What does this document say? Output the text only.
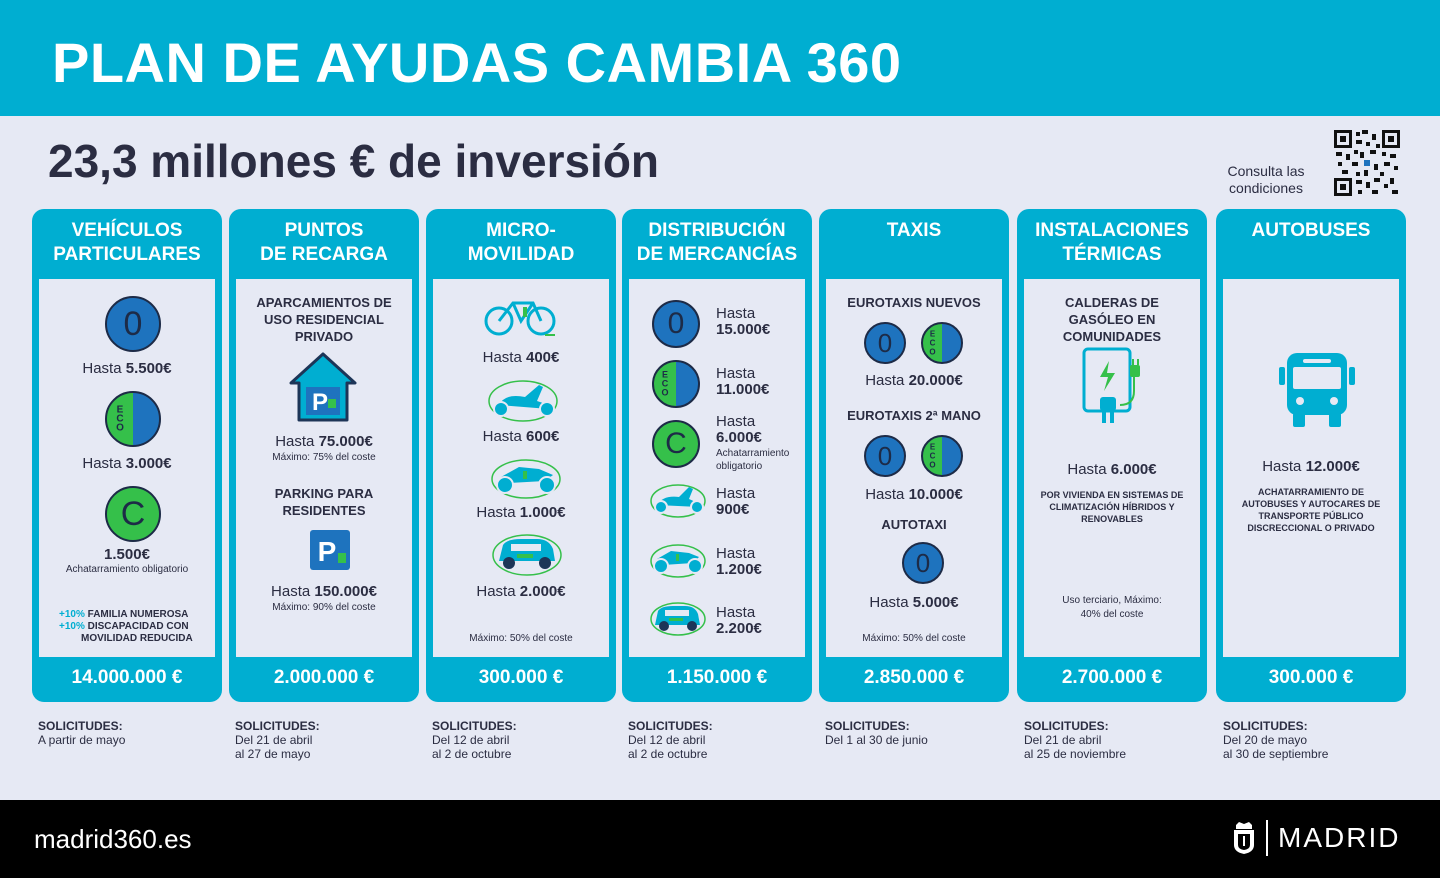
PLAN DE AYUDAS CAMBIA 360
23,3 millones € de inversión	Consulta las condiciones
VEHÍCULOS
PARTICULARES
0
Hasta 5.500€
E
C
O
Hasta 3.000€
C
1.500€
Achatarramiento obligatorio
+10% FAMILIA NUMEROSA
+10% DISCAPACIDAD CON
MOVILIDAD REDUCIDA
14.000.000 €
PUNTOS
DE RECARGA
APARCAMIENTOS DE USO RESIDENCIAL PRIVADO
P
Hasta 75.000€
Máximo: 75% del coste
PARKING PARA RESIDENTES
P
Hasta 150.000€
Máximo: 90% del coste
2.000.000 €
MICRO-
MOVILIDAD
Hasta 400€
Hasta 600€
Hasta 1.000€
Hasta 2.000€
Máximo: 50% del coste
300.000 €
DISTRIBUCIÓN
DE MERCANCÍAS
0	Hasta
15.000€
E
C
O
Hasta
11.000€
C
Hasta
6.000€
Achatarramiento
obligatorio
Hasta
900€
Hasta
1.200€
Hasta
2.200€
1.150.000 €
TAXIS
EUROTAXIS NUEVOS
0	E
C
O
Hasta 20.000€
EUROTAXIS 2ª MANO
0	E
C
O
Hasta 10.000€
AUTOTAXI
0
Hasta 5.000€
Máximo: 50% del coste
2.850.000 €
INSTALACIONES
TÉRMICAS
CALDERAS DE GASÓLEO EN COMUNIDADES
Hasta 6.000€
POR VIVIENDA EN SISTEMAS DE CLIMATIZACIÓN HÍBRIDOS Y RENOVABLES
Uso terciario, Máximo:
40% del coste
2.700.000 €
AUTOBUSES
Hasta 12.000€
ACHATARRAMIENTO DE AUTOBUSES Y AUTOCARES DE TRANSPORTE PÚBLICO DISCRECCIONAL O PRIVADO
300.000 €
SOLICITUDES:
A partir de mayo
SOLICITUDES:
Del 21 de abril
al 27 de mayo
SOLICITUDES:
Del 12 de abril
al 2 de octubre
SOLICITUDES:
Del 12 de abril
al 2 de octubre
SOLICITUDES:
Del 1 al 30 de junio
SOLICITUDES:
Del 21 de abril
al 25 de noviembre
SOLICITUDES:
Del 20 de mayo
al 30 de septiembre
madrid360.es	MADRID
